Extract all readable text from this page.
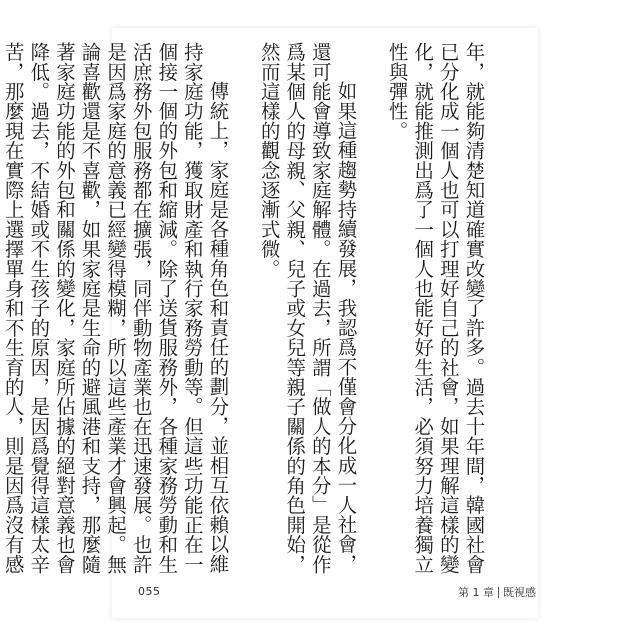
年，就能夠清楚知道確實改變了許多。過去十年間，韓國社會已分化成一個人也可以打理好自己的社會，如果理解這樣的變化，就能推測出爲了一個人也能好好生活，必須努力培養獨立性與彈性。

如果這種趨勢持續發展，我認爲不僅會分化成一人社會，還可能會導致家庭解體。在過去，所謂「做人的本分」是從作爲某個人的母親、父親、兒子或女兒等親子關係的角色開始，然而這樣的觀念逐漸式微。

傳統上，家庭是各種角色和責任的劃分，並相互依賴以維持家庭功能，獲取財產和執行家務勞動等。但這些功能正在一個接一個的外包和縮減。除了送貨服務外，各種家務勞動和生活庶務外包服務都在擴張，同伴動物產業也在迅速發展。也許是因爲家庭的意義已經變得模糊，所以這些產業才會興起。無論喜歡還是不喜歡，如果家庭是生命的避風港和支持，那麼隨著家庭功能的外包和關係的變化，家庭所佔據的絕對意義也會降低。過去，不結婚或不生孩子的原因，是因爲覺得這樣太辛苦，那麼現在實際上選擇單身和不生育的人，則是因爲沒有感

055	第 1 章 既視感
